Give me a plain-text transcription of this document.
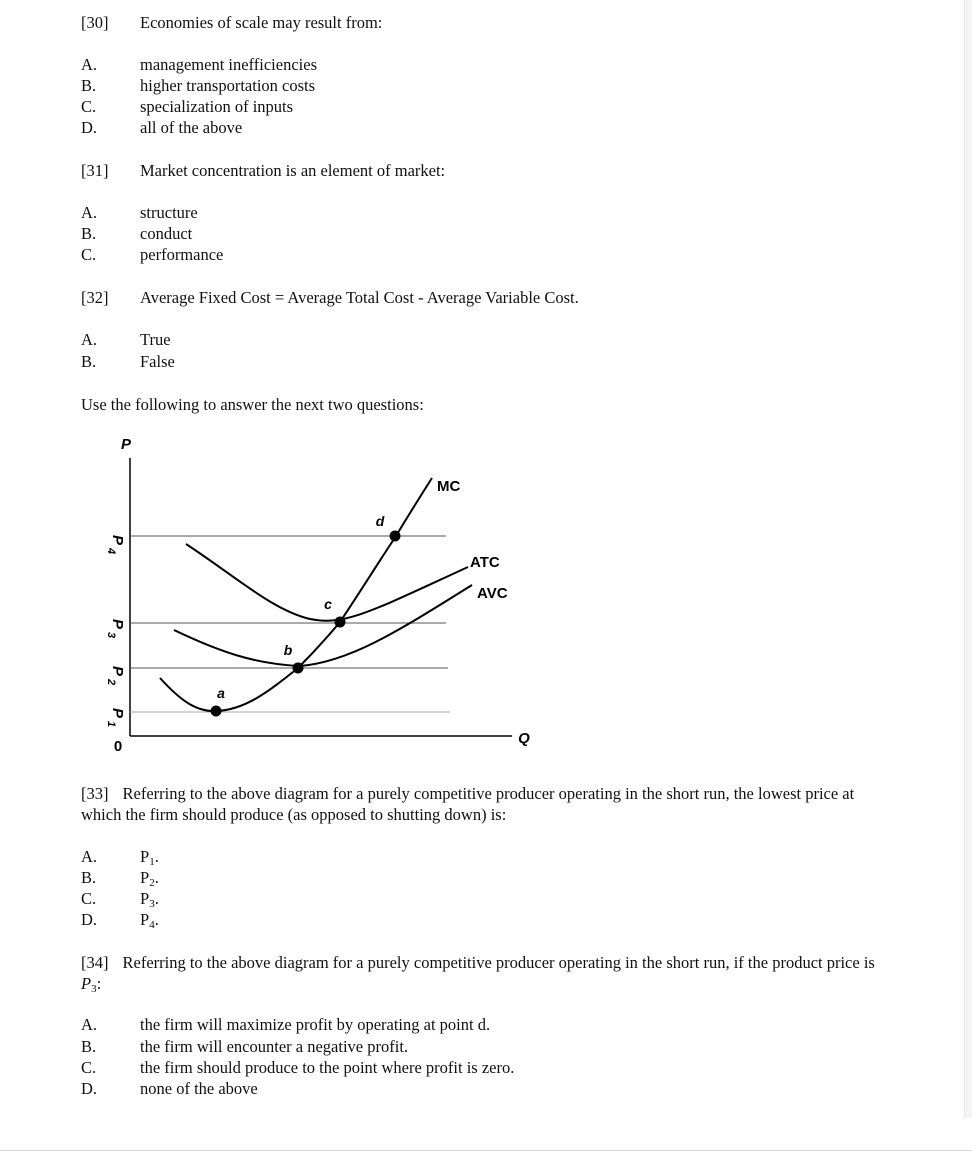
[30] Economies of scale may result from:
A.	management inefficiencies
B.	higher transportation costs
C.	specialization of inputs
D.	all of the above
[31] Market concentration is an element of market:
A.	structure
B.	conduct
C.	performance
[32] Average Fixed Cost = Average Total Cost - Average Variable Cost.
A.	True
B.	False
Use the following to answer the next two questions:
a
b
c
d
MC
ATC
AVC
P
Q
0
P
4
P
3
P
2
P
1
[33] Referring to the above diagram for a purely competitive producer operating in the short run, the lowest price at which the firm should produce (as opposed to shutting down) is:
A.	$P_1$.
B.	$P_2$.
C.	$P_3$.
D.	$P_4$.
[34] Referring to the above diagram for a purely competitive producer operating in the short run, if the product price is $P_3$:
A.	the firm will maximize profit by operating at point d.
B.	the firm will encounter a negative profit.
C.	the firm should produce to the point where profit is zero.
D.	none of the above
